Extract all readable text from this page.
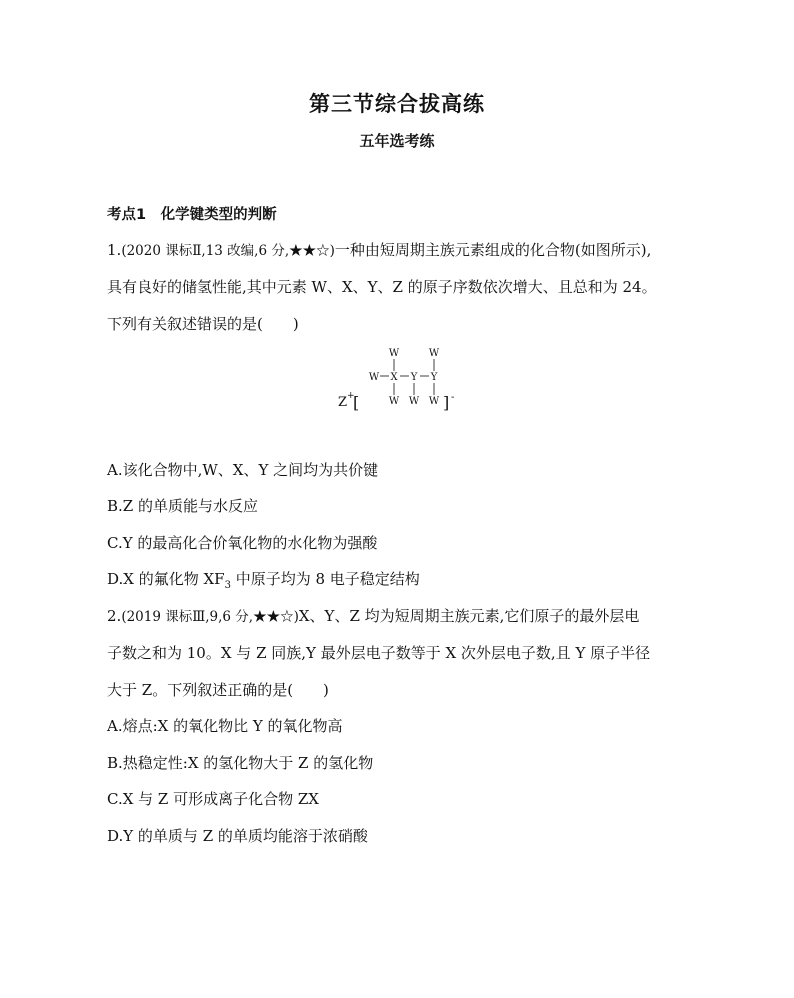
第三节综合拔高练
五年选考练
考点1　化学键类型的判断
1.(2020 课标Ⅱ,13 改编,6 分,★★☆)一种由短周期主族元素组成的化合物(如图所示),
具有良好的储氢性能,其中元素 W、X、Y、Z 的原子序数依次增大、且总和为 24。
下列有关叙述错误的是(　　)
W	W
W X Y Y
W W W
Z +
[	] -
A.该化合物中,W、X、Y 之间均为共价键
B.Z 的单质能与水反应
C.Y 的最高化合价氧化物的水化物为强酸
D.X 的氟化物 $XF_3$ 中原子均为 8 电子稳定结构
2.(2019 课标Ⅲ,9,6 分,★★☆)X、Y、Z 均为短周期主族元素,它们原子的最外层电
子数之和为 10。X 与 Z 同族,Y 最外层电子数等于 X 次外层电子数,且 Y 原子半径
大于 Z。下列叙述正确的是(　　)
A.熔点:X 的氧化物比 Y 的氧化物高
B.热稳定性:X 的氢化物大于 Z 的氢化物
C.X 与 Z 可形成离子化合物 ZX
D.Y 的单质与 Z 的单质均能溶于浓硝酸
